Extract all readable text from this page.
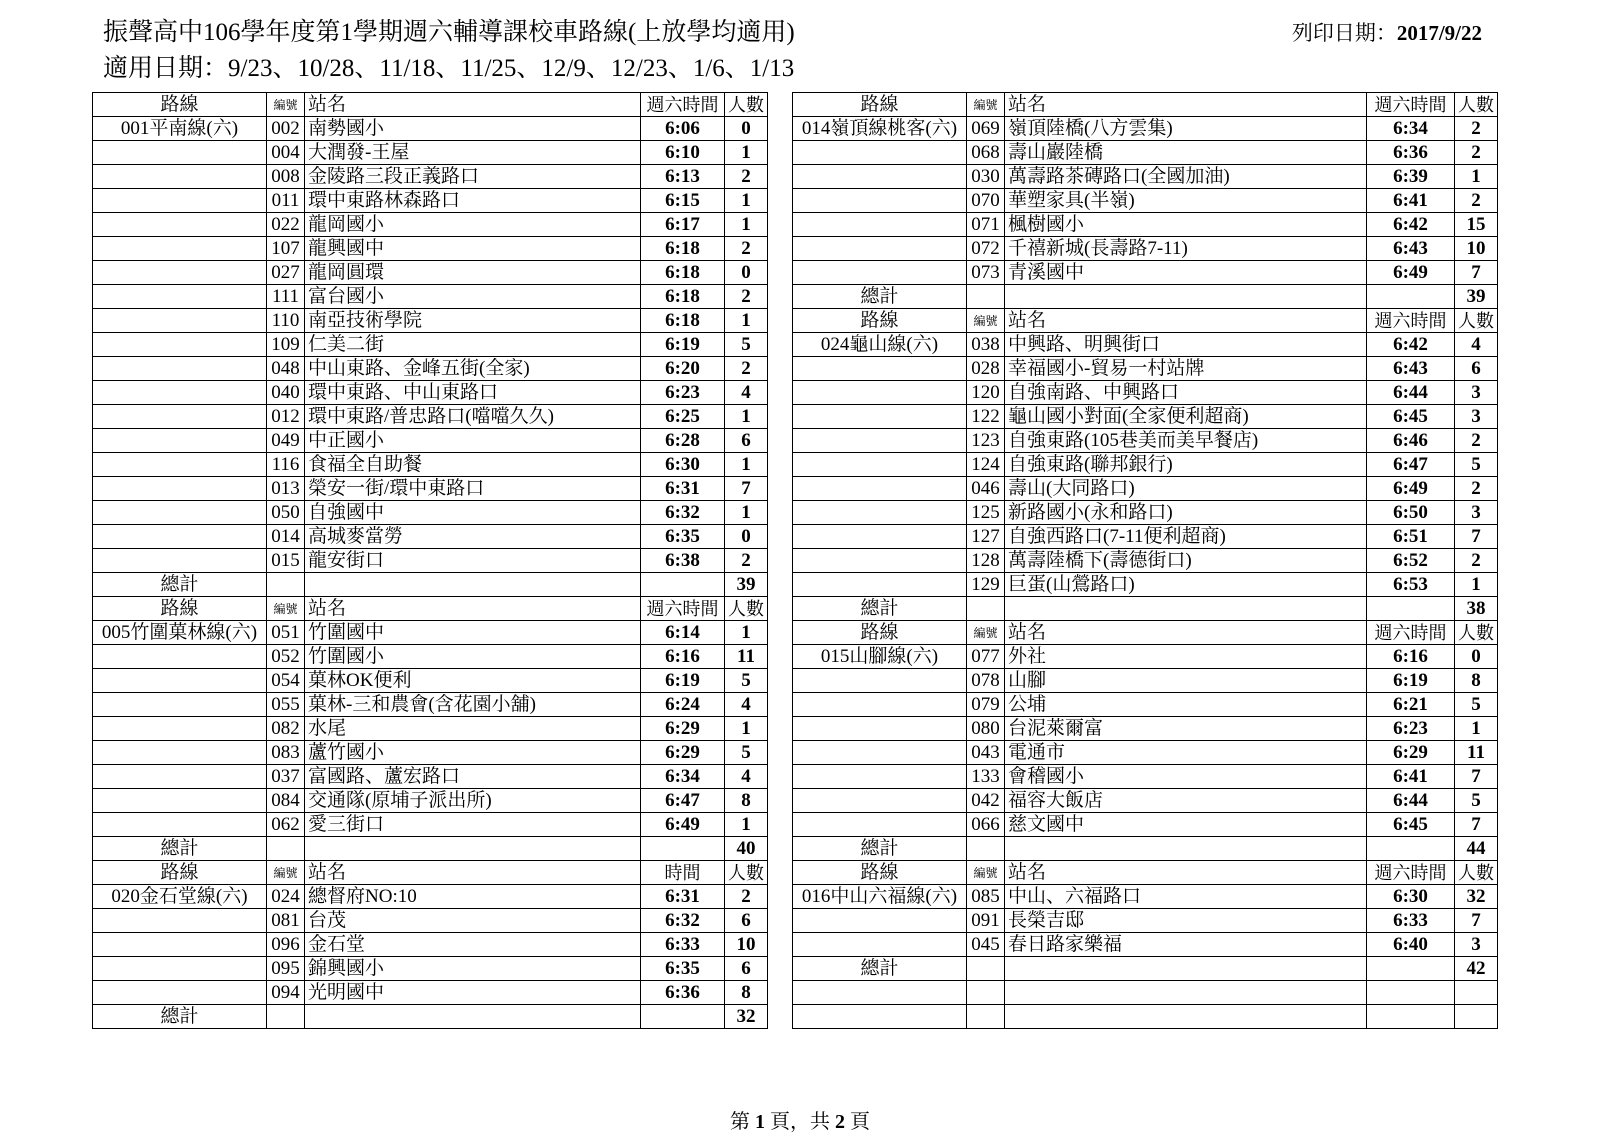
振聲高中106學年度第1學期週六輔導課校車路線(上放學均適用)
適用日期：9/23、10/28、11/18、11/25、12/9、12/23、1/6、1/13
列印日期：2017/9/22
路線	編號	站名	週六時間	人數
001平南線(六)	002	南勢國小	6:06	0
	004	大潤發-王屋	6:10	1
	008	金陵路三段正義路口	6:13	2
	011	環中東路林森路口	6:15	1
	022	龍岡國小	6:17	1
	107	龍興國中	6:18	2
	027	龍岡圓環	6:18	0
	111	富台國小	6:18	2
	110	南亞技術學院	6:18	1
	109	仁美二街	6:19	5
	048	中山東路、金峰五街(全家)	6:20	2
	040	環中東路、中山東路口	6:23	4
	012	環中東路/普忠路口(噹噹久久)	6:25	1
	049	中正國小	6:28	6
	116	食福全自助餐	6:30	1
	013	榮安一街/環中東路口	6:31	7
	050	自強國中	6:32	1
	014	高城麥當勞	6:35	0
	015	龍安街口	6:38	2
總計				39
路線	編號	站名	週六時間	人數
005竹圍菓林線(六)	051	竹圍國中	6:14	1
	052	竹圍國小	6:16	11
	054	菓林OK便利	6:19	5
	055	菓林-三和農會(含花園小舖)	6:24	4
	082	水尾	6:29	1
	083	蘆竹國小	6:29	5
	037	富國路、蘆宏路口	6:34	4
	084	交通隊(原埔子派出所)	6:47	8
	062	愛三街口	6:49	1
總計				40
路線	編號	站名	時間	人數
020金石堂線(六)	024	總督府NO:10	6:31	2
	081	台茂	6:32	6
	096	金石堂	6:33	10
	095	錦興國小	6:35	6
	094	光明國中	6:36	8
總計				32
路線	編號	站名	週六時間	人數
014嶺頂線桃客(六)	069	嶺頂陸橋(八方雲集)	6:34	2
	068	壽山巖陸橋	6:36	2
	030	萬壽路茶磚路口(全國加油)	6:39	1
	070	華塑家具(半嶺)	6:41	2
	071	楓樹國小	6:42	15
	072	千禧新城(長壽路7-11)	6:43	10
	073	青溪國中	6:49	7
總計				39
路線	編號	站名	週六時間	人數
024龜山線(六)	038	中興路、明興街口	6:42	4
	028	幸福國小-貿易一村站牌	6:43	6
	120	自強南路、中興路口	6:44	3
	122	龜山國小對面(全家便利超商)	6:45	3
	123	自強東路(105巷美而美早餐店)	6:46	2
	124	自強東路(聯邦銀行)	6:47	5
	046	壽山(大同路口)	6:49	2
	125	新路國小(永和路口)	6:50	3
	127	自強西路口(7-11便利超商)	6:51	7
	128	萬壽陸橋下(壽德街口)	6:52	2
	129	巨蛋(山鶯路口)	6:53	1
總計				38
路線	編號	站名	週六時間	人數
015山腳線(六)	077	外社	6:16	0
	078	山腳	6:19	8
	079	公埔	6:21	5
	080	台泥萊爾富	6:23	1
	043	電通市	6:29	11
	133	會稽國小	6:41	7
	042	福容大飯店	6:44	5
	066	慈文國中	6:45	7
總計				44
路線	編號	站名	週六時間	人數
016中山六福線(六)	085	中山、六福路口	6:30	32
	091	長榮吉邸	6:33	7
	045	春日路家樂福	6:40	3
總計				42

第 1 頁，共 2 頁
